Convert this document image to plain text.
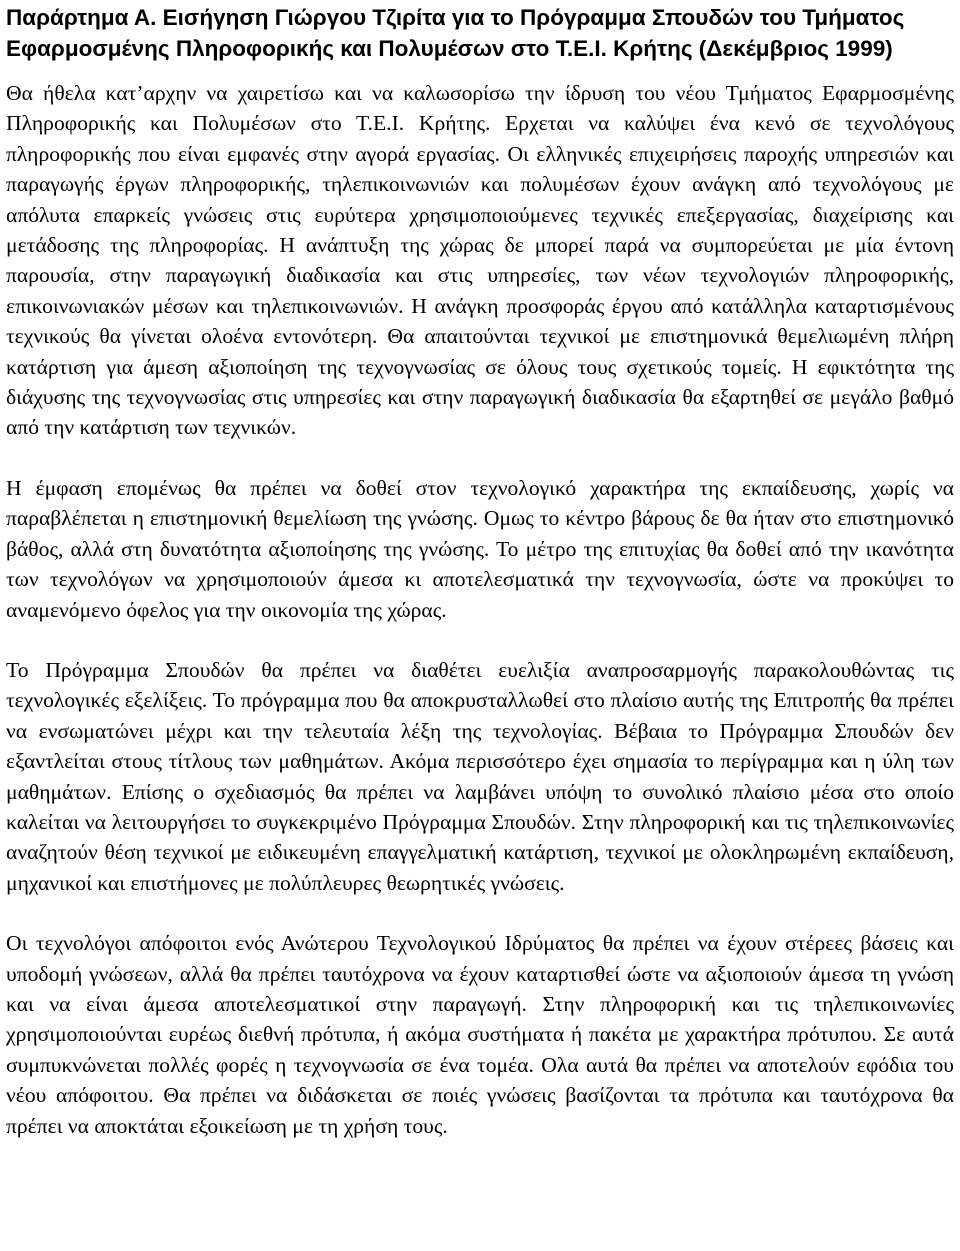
Παράρτημα Α. Εισήγηση Γιώργου Τζιρίτα για το Πρόγραμμα Σπουδών του Τμήματος Εφαρμοσμένης Πληροφορικής και Πολυμέσων στο Τ.Ε.Ι. Κρήτης (Δεκέμβριος 1999)

Θα ήθελα κατ’αρχην να χαιρετίσω και να καλωσορίσω την ίδρυση του νέου Τμήματος Εφαρμοσμένης Πληροφορικής και Πολυμέσων στο Τ.Ε.Ι. Κρήτης. Ερχεται να καλύψει ένα κενό σε τεχνολόγους πληροφορικής που είναι εμφανές στην αγορά εργασίας. Οι ελληνικές επιχειρήσεις παροχής υπηρεσιών και παραγωγής έργων πληροφορικής, τηλεπικοινωνιών και πολυμέσων έχουν ανάγκη από τεχνολόγους με απόλυτα επαρκείς γνώσεις στις ευρύτερα χρησιμοποιούμενες τεχνικές επεξεργασίας, διαχείρισης και μετάδοσης της πληροφορίας. Η ανάπτυξη της χώρας δε μπορεί παρά να συμπορεύεται με μία έντονη παρουσία, στην παραγωγική διαδικασία και στις υπηρεσίες, των νέων τεχνολογιών πληροφορικής, επικοινωνιακών μέσων και τηλεπικοινωνιών. Η ανάγκη προσφοράς έργου από κατάλληλα καταρτισμένους τεχνικούς θα γίνεται ολοένα εντονότερη. Θα απαιτούνται τεχνικοί με επιστημονικά θεμελιωμένη πλήρη κατάρτιση για άμεση αξιοποίηση της τεχνογνωσίας σε όλους τους σχετικούς τομείς. Η εφικτότητα της διάχυσης της τεχνογνωσίας στις υπηρεσίες και στην παραγωγική διαδικασία θα εξαρτηθεί σε μεγάλο βαθμό από την κατάρτιση των τεχνικών.

Η έμφαση επομένως θα πρέπει να δοθεί στον τεχνολογικό χαρακτήρα της εκπαίδευσης, χωρίς να παραβλέπεται η επιστημονική θεμελίωση της γνώσης. Ομως το κέντρο βάρους δε θα ήταν στο επιστημονικό βάθος, αλλά στη δυνατότητα αξιοποίησης της γνώσης. Το μέτρο της επιτυχίας θα δοθεί από την ικανότητα των τεχνολόγων να χρησιμοποιούν άμεσα κι αποτελεσματικά την τεχνογνωσία, ώστε να προκύψει το αναμενόμενο όφελος για την οικονομία της χώρας.

Το Πρόγραμμα Σπουδών θα πρέπει να διαθέτει ευελιξία αναπροσαρμογής παρακολουθώντας τις τεχνολογικές εξελίξεις. Το πρόγραμμα που θα αποκρυσταλλωθεί στο πλαίσιο αυτής της Επιτροπής θα πρέπει να ενσωματώνει μέχρι και την τελευταία λέξη της τεχνολογίας. Βέβαια το Πρόγραμμα Σπουδών δεν εξαντλείται στους τίτλους των μαθημάτων. Ακόμα περισσότερο έχει σημασία το περίγραμμα και η ύλη των μαθημάτων. Επίσης ο σχεδιασμός θα πρέπει να λαμβάνει υπόψη το συνολικό πλαίσιο μέσα στο οποίο καλείται να λειτουργήσει το συγκεκριμένο Πρόγραμμα Σπουδών. Στην πληροφορική και τις τηλεπικοινωνίες αναζητούν θέση τεχνικοί με ειδικευμένη επαγγελματική κατάρτιση, τεχνικοί με ολοκληρωμένη εκπαίδευση, μηχανικοί και επιστήμονες με πολύπλευρες θεωρητικές γνώσεις.

Οι τεχνολόγοι απόφοιτοι ενός Ανώτερου Τεχνολογικού Ιδρύματος θα πρέπει να έχουν στέρεες βάσεις και υποδομή γνώσεων, αλλά θα πρέπει ταυτόχρονα να έχουν καταρτισθεί ώστε να αξιοποιούν άμεσα τη γνώση και να είναι άμεσα αποτελεσματικοί στην παραγωγή. Στην πληροφορική και τις τηλεπικοινωνίες χρησιμοποιούνται ευρέως διεθνή πρότυπα, ή ακόμα συστήματα ή πακέτα με χαρακτήρα πρότυπου. Σε αυτά συμπυκνώνεται πολλές φορές η τεχνογνωσία σε ένα τομέα. Ολα αυτά θα πρέπει να αποτελούν εφόδια του νέου απόφοιτου. Θα πρέπει να διδάσκεται σε ποιές γνώσεις βασίζονται τα πρότυπα και ταυτόχρονα θα πρέπει να αποκτάται εξοικείωση με τη χρήση τους.
